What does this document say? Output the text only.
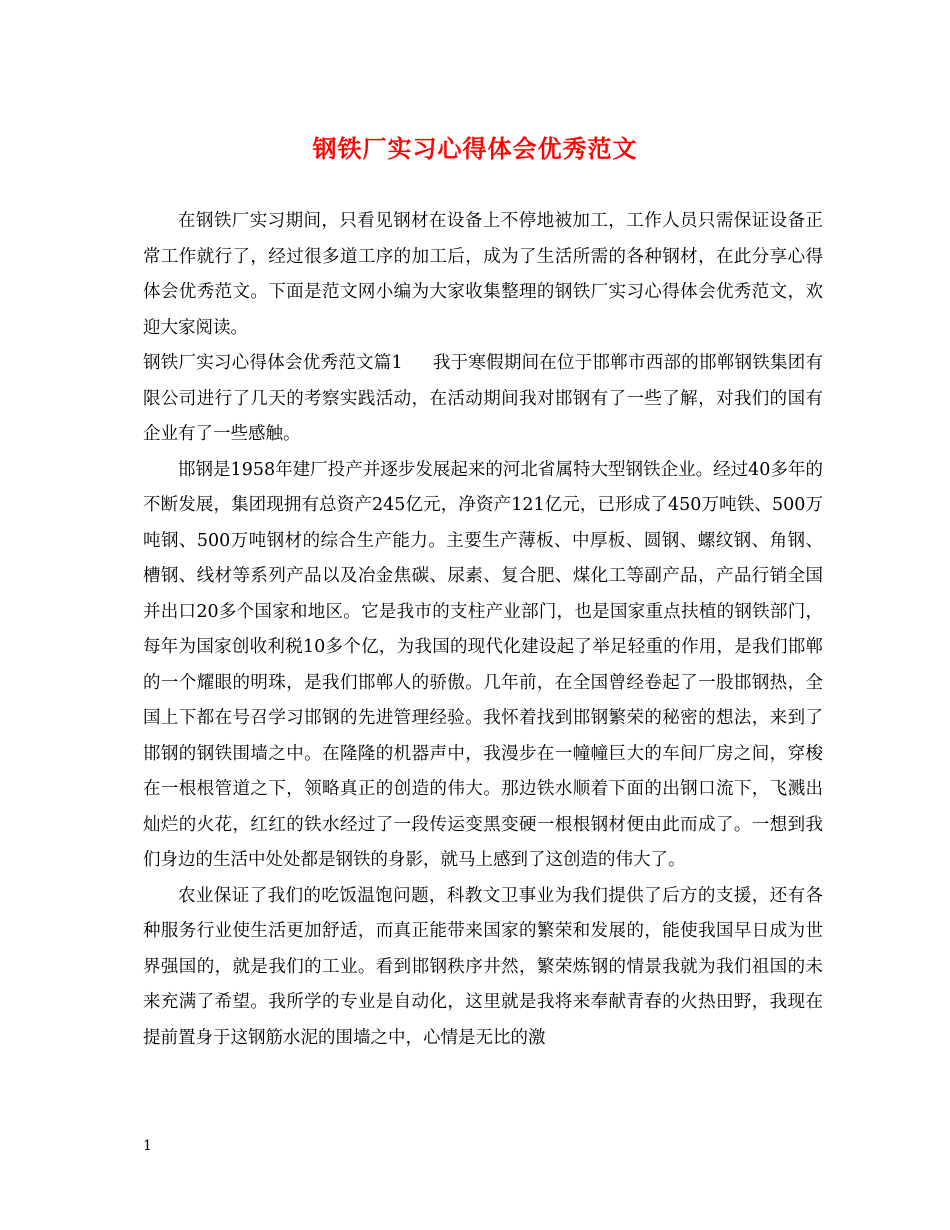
钢铁厂实习心得体会优秀范文

在钢铁厂实习期间，只看见钢材在设备上不停地被加工，工作人员只需保证设备正常工作就行了，经过很多道工序的加工后，成为了生活所需的各种钢材，在此分享心得体会优秀范文。下面是范文网小编为大家收集整理的钢铁厂实习心得体会优秀范文，欢迎大家阅读。

钢铁厂实习心得体会优秀范文篇1 我于寒假期间在位于邯郸市西部的邯郸钢铁集团有限公司进行了几天的考察实践活动，在活动期间我对邯钢有了一些了解，对我们的国有企业有了一些感触。

邯钢是1958年建厂投产并逐步发展起来的河北省属特大型钢铁企业。经过40多年的不断发展，集团现拥有总资产245亿元，净资产121亿元，已形成了450万吨铁、500万吨钢、500万吨钢材的综合生产能力。主要生产薄板、中厚板、圆钢、螺纹钢、角钢、槽钢、线材等系列产品以及冶金焦碳、尿素、复合肥、煤化工等副产品，产品行销全国并出口20多个国家和地区。它是我市的支柱产业部门，也是国家重点扶植的钢铁部门，每年为国家创收利税10多个亿，为我国的现代化建设起了举足轻重的作用，是我们邯郸的一个耀眼的明珠，是我们邯郸人的骄傲。几年前，在全国曾经卷起了一股邯钢热，全国上下都在号召学习邯钢的先进管理经验。我怀着找到邯钢繁荣的秘密的想法，来到了邯钢的钢铁围墙之中。在隆隆的机器声中，我漫步在一幢幢巨大的车间厂房之间，穿梭在一根根管道之下，领略真正的创造的伟大。那边铁水顺着下面的出钢口流下，飞溅出灿烂的火花，红红的铁水经过了一段传运变黑变硬一根根钢材便由此而成了。一想到我们身边的生活中处处都是钢铁的身影，就马上感到了这创造的伟大了。

农业保证了我们的吃饭温饱问题，科教文卫事业为我们提供了后方的支援，还有各种服务行业使生活更加舒适，而真正能带来国家的繁荣和发展的，能使我国早日成为世界强国的，就是我们的工业。看到邯钢秩序井然，繁荣炼钢的情景我就为我们祖国的未来充满了希望。我所学的专业是自动化，这里就是我将来奉献青春的火热田野，我现在提前置身于这钢筋水泥的围墙之中，心情是无比的激

1
